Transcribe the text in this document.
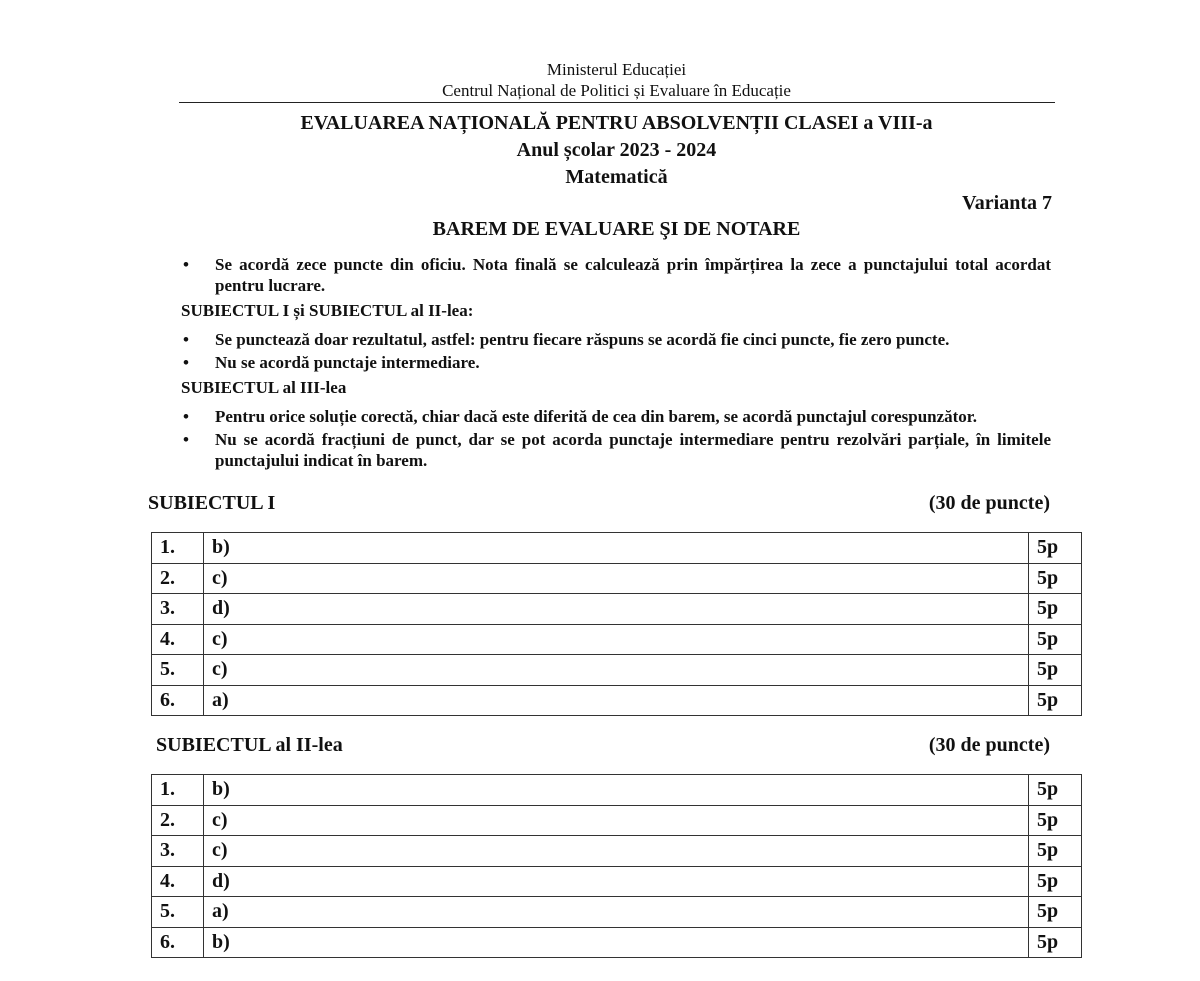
Ministerul Educației
Centrul Național de Politici și Evaluare în Educație
EVALUAREA NAȚIONALĂ PENTRU ABSOLVENȚII CLASEI a VIII-a
Anul școlar 2023 - 2024
Matematică
Varianta 7
BAREM DE EVALUARE ŞI DE NOTARE
• Se acordă zece puncte din oficiu. Nota finală se calculează prin împărțirea la zece a punctajului total acordat pentru lucrare.
SUBIECTUL I și SUBIECTUL al II-lea:
• Se punctează doar rezultatul, astfel: pentru fiecare răspuns se acordă fie cinci puncte, fie zero puncte.
• Nu se acordă punctaje intermediare.
SUBIECTUL al III-lea
• Pentru orice soluție corectă, chiar dacă este diferită de cea din barem, se acordă punctajul corespunzător.
• Nu se acordă fracțiuni de punct, dar se pot acorda punctaje intermediare pentru rezolvări parțiale, în limitele punctajului indicat în barem.
SUBIECTUL I	(30 de puncte)
1.	b)	5p
2.	c)	5p
3.	d)	5p
4.	c)	5p
5.	c)	5p
6.	a)	5p
SUBIECTUL al II-lea	(30 de puncte)
1.	b)	5p
2.	c)	5p
3.	c)	5p
4.	d)	5p
5.	a)	5p
6.	b)	5p
